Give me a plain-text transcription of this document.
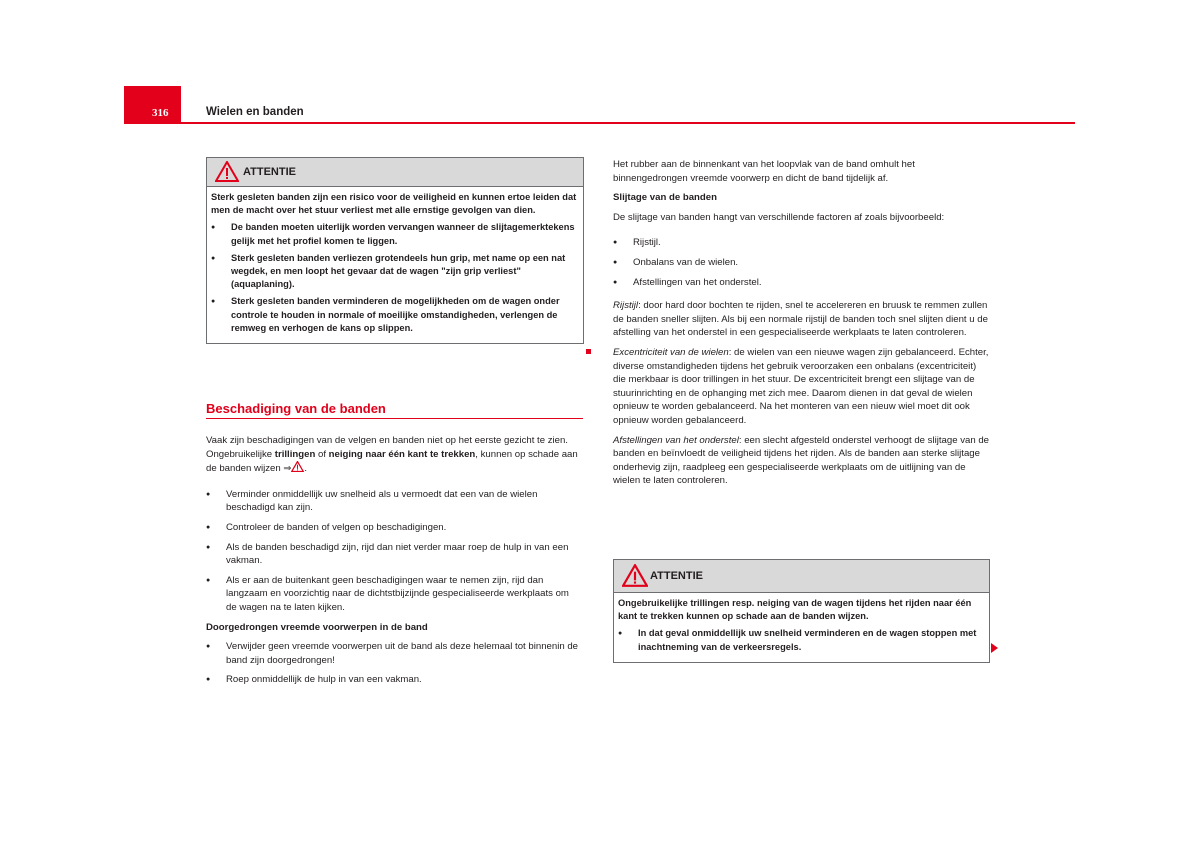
316	Wielen en banden
ATTENTIE

Sterk gesleten banden zijn een risico voor de veiligheid en kunnen ertoe leiden dat men de macht over het stuur verliest met alle ernstige gevolgen van dien.

● De banden moeten uiterlijk worden vervangen wanneer de slijtagemerktekens gelijk met het profiel komen te liggen.

● Sterk gesleten banden verliezen grotendeels hun grip, met name op een nat wegdek, en men loopt het gevaar dat de wagen "zijn grip verliest" (aquaplaning).

● Sterk gesleten banden verminderen de mogelijkheden om de wagen onder controle te houden in normale of moeilijke omstandigheden, verlengen de remweg en verhogen de kans op slippen.

Beschadiging van de banden

Vaak zijn beschadigingen van de velgen en banden niet op het eerste gezicht te zien. Ongebruikelijke trillingen of neiging naar één kant te trekken, kunnen op schade aan de banden wijzen ⇒ .

● Verminder onmiddellijk uw snelheid als u vermoedt dat een van de wielen beschadigd kan zijn.

● Controleer de banden of velgen op beschadigingen.

● Als de banden beschadigd zijn, rijd dan niet verder maar roep de hulp in van een vakman.

● Als er aan de buitenkant geen beschadigingen waar te nemen zijn, rijd dan langzaam en voorzichtig naar de dichtstbijzijnde gespecialiseerde werkplaats om de wagen na te laten kijken.

Doorgedrongen vreemde voorwerpen in de band

● Verwijder geen vreemde voorwerpen uit de band als deze helemaal tot binnenin de band zijn doorgedrongen!

● Roep onmiddellijk de hulp in van een vakman.

Het rubber aan de binnenkant van het loopvlak van de band omhult het binnengedrongen vreemde voorwerp en dicht de band tijdelijk af.

Slijtage van de banden

De slijtage van banden hangt van verschillende factoren af zoals bijvoorbeeld:

● Rijstijl.

● Onbalans van de wielen.

● Afstellingen van het onderstel.

Rijstijl: door hard door bochten te rijden, snel te accelereren en bruusk te remmen zullen de banden sneller slijten. Als bij een normale rijstijl de banden toch snel slijten dient u de afstelling van het onderstel in een gespecialiseerde werkplaats te laten controleren.

Excentriciteit van de wielen: de wielen van een nieuwe wagen zijn gebalanceerd. Echter, diverse omstandigheden tijdens het gebruik veroorzaken een onbalans (excentriciteit) die merkbaar is door trillingen in het stuur. De excentriciteit brengt een slijtage van de stuurinrichting en de ophanging met zich mee. Daarom dienen in dat geval de wielen opnieuw te worden gebalanceerd. Na het monteren van een nieuw wiel moet dit ook opnieuw worden gebalanceerd.

Afstellingen van het onderstel: een slecht afgesteld onderstel verhoogt de slijtage van de banden en beïnvloedt de veiligheid tijdens het rijden. Als de banden aan sterke slijtage onderhevig zijn, raadpleeg een gespecialiseerde werkplaats om de uitlijning van de wielen te laten controleren.

ATTENTIE

Ongebruikelijke trillingen resp. neiging van de wagen tijdens het rijden naar één kant te trekken kunnen op schade aan de banden wijzen.

● In dat geval onmiddellijk uw snelheid verminderen en de wagen stoppen met inachtneming van de verkeersregels.
